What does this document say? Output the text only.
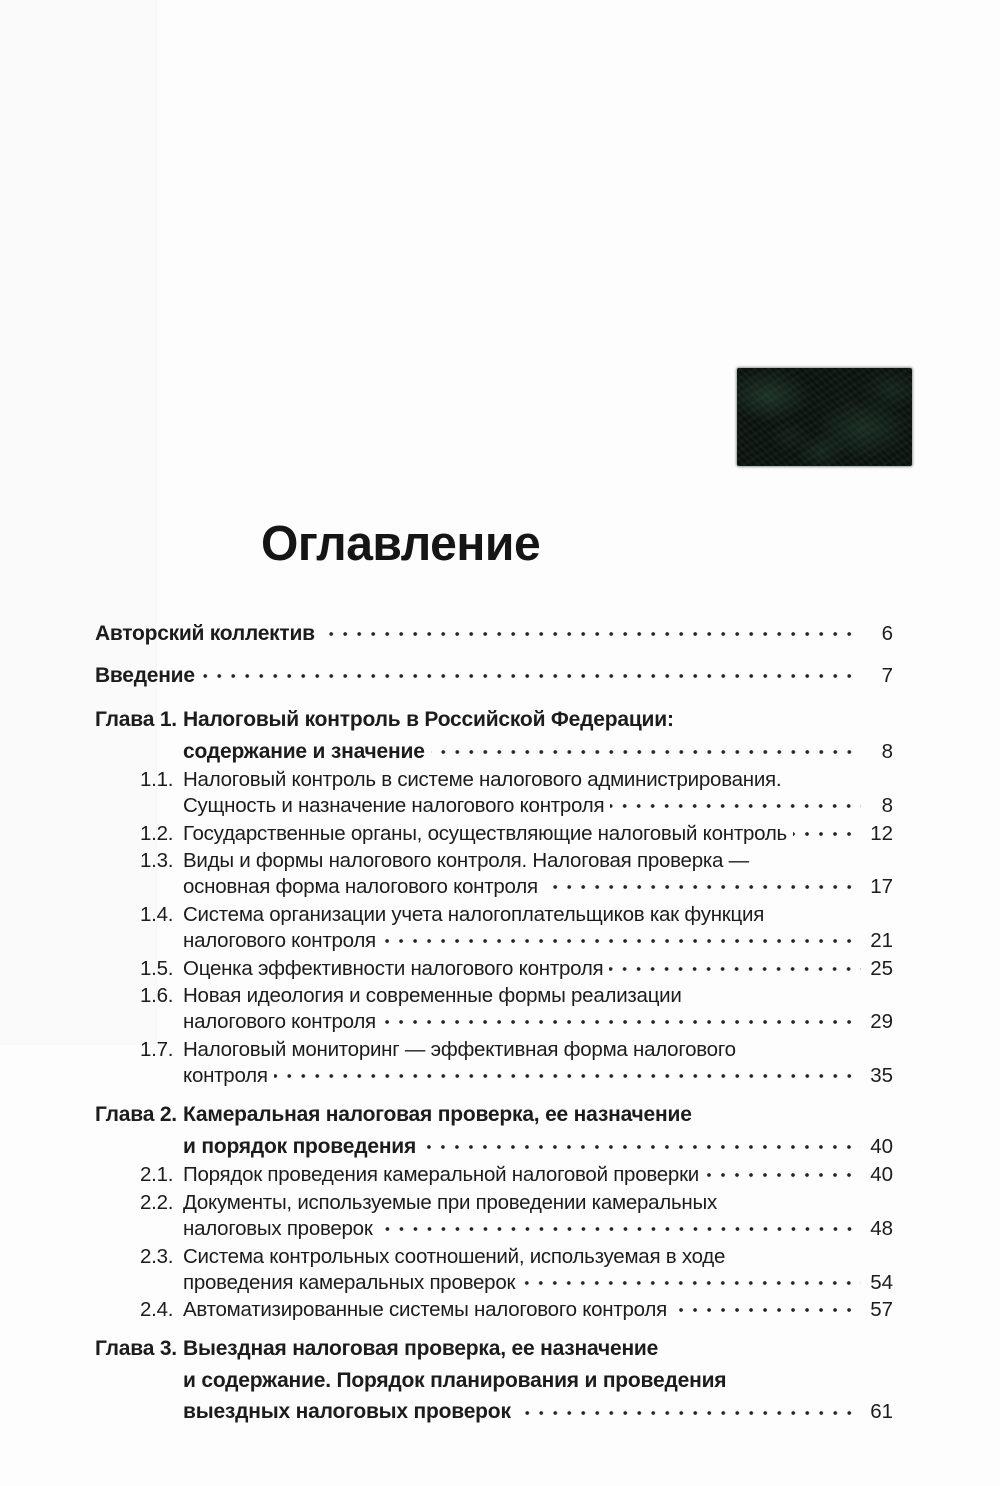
Оглавление
Авторский коллектив	6
Введение	7
Глава 1. Налоговый контроль в Российской Федерации:
содержание и значение	8
1.1. Налоговый контроль в системе налогового администрирования.
Сущность и назначение налогового контроля	8
1.2. Государственные органы, осуществляющие налоговый контроль	12
1.3. Виды и формы налогового контроля. Налоговая проверка —
основная форма налогового контроля	17
1.4. Система организации учета налогоплательщиков как функция
налогового контроля	21
1.5. Оценка эффективности налогового контроля	25
1.6. Новая идеология и современные формы реализации
налогового контроля	29
1.7. Налоговый мониторинг — эффективная форма налогового
контроля	35
Глава 2. Камеральная налоговая проверка, ее назначение
и порядок проведения	40
2.1. Порядок проведения камеральной налоговой проверки	40
2.2. Документы, используемые при проведении камеральных
налоговых проверок	48
2.3. Система контрольных соотношений, используемая в ходе
проведения камеральных проверок	54
2.4. Автоматизированные системы налогового контроля	57
Глава 3. Выездная налоговая проверка, ее назначение
и содержание. Порядок планирования и проведения
выездных налоговых проверок	61
